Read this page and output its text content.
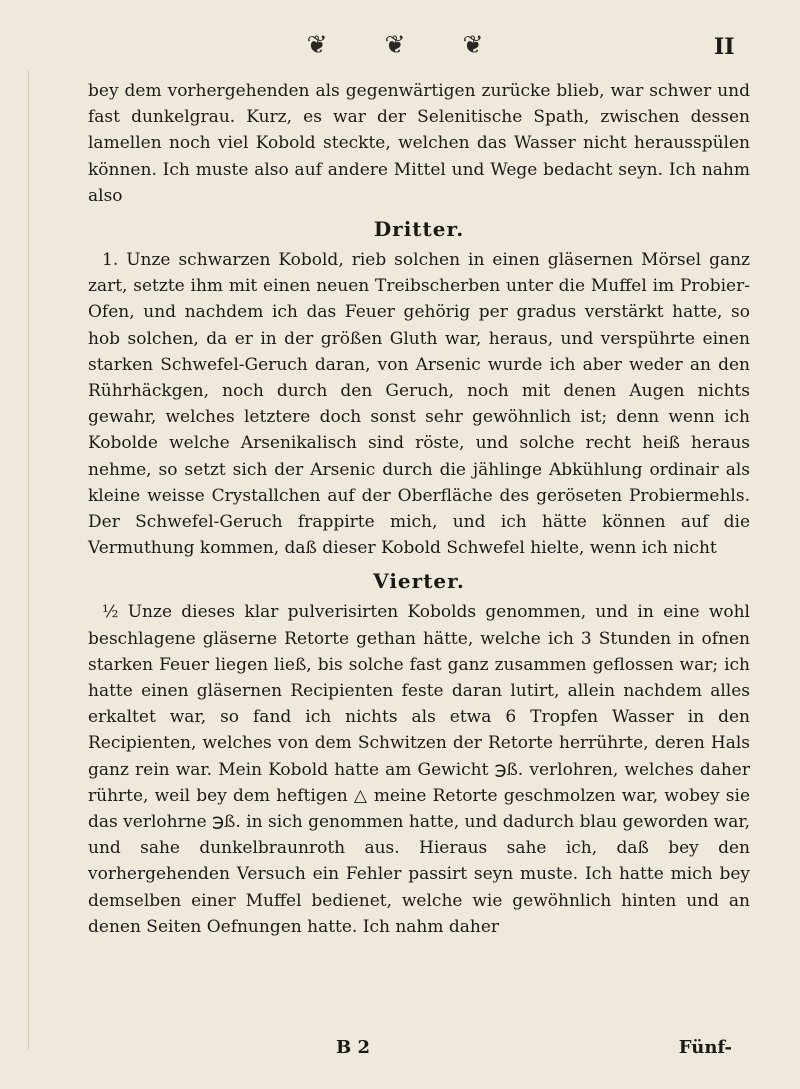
❦ ❦ ❦	II

bey dem vorhergehenden als gegenwärtigen zurücke blieb, war schwer und fast dunkelgrau. Kurz, es war der Selenitische Spath, zwischen dessen lamellen noch viel Kobold steckte, welchen das Wasser nicht herausspülen können. Ich muste also auf andere Mittel und Wege bedacht seyn. Ich nahm also

Dritter.

1. Unze schwarzen Kobold, rieb solchen in einen gläsernen Mörsel ganz zart, setzte ihm mit einen neuen Treibscherben unter die Muffel im Probier-Ofen, und nachdem ich das Feuer gehörig per gradus verstärkt hatte, so hob solchen, da er in der größen Gluth war, heraus, und verspührte einen starken Schwefel-Geruch daran, von Arsenic wurde ich aber weder an den Rührhäckgen, noch durch den Geruch, noch mit denen Augen nichts gewahr, welches letztere doch sonst sehr gewöhnlich ist; denn wenn ich Kobolde welche Arsenikalisch sind röste, und solche recht heiß heraus nehme, so setzt sich der Arsenic durch die jählinge Abkühlung ordinair als kleine weisse Crystallchen auf der Oberfläche des geröseten Probiermehls. Der Schwefel-Geruch frappirte mich, und ich hätte können auf die Vermuthung kommen, daß dieser Kobold Schwefel hielte, wenn ich nicht

Vierter.

½ Unze dieses klar pulverisirten Kobolds genommen, und in eine wohl beschlagene gläserne Retorte gethan hätte, welche ich 3 Stunden in ofnen starken Feuer liegen ließ, bis solche fast ganz zusammen geflossen war; ich hatte einen gläsernen Recipienten feste daran lutirt, allein nachdem alles erkaltet war, so fand ich nichts als etwa 6 Tropfen Wasser in den Recipienten, welches von dem Schwitzen der Retorte herrührte, deren Hals ganz rein war. Mein Kobold hatte am Gewicht ℈ß. verlohren, welches daher rührte, weil bey dem heftigen △ meine Retorte geschmolzen war, wobey sie das verlohrne ℈ß. in sich genommen hatte, und dadurch blau geworden war, und sahe dunkelbraunroth aus. Hieraus sahe ich, daß bey den vorhergehenden Versuch ein Fehler passirt seyn muste. Ich hatte mich bey demselben einer Muffel bedienet, welche wie gewöhnlich hinten und an denen Seiten Oefnungen hatte. Ich nahm daher

B 2	Fünf-
